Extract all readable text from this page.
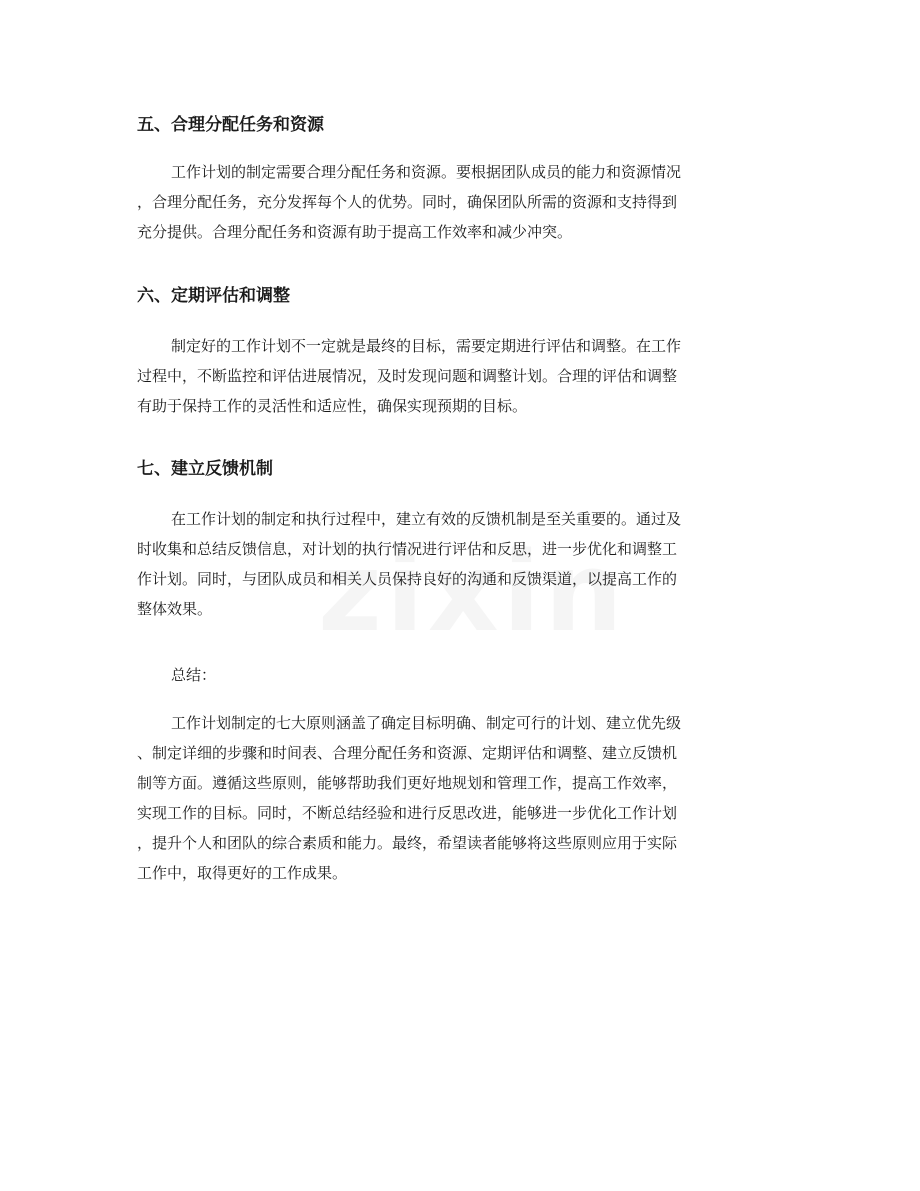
五、合理分配任务和资源

工作计划的制定需要合理分配任务和资源。要根据团队成员的能力和资源情况
，合理分配任务，充分发挥每个人的优势。同时，确保团队所需的资源和支持得到
充分提供。合理分配任务和资源有助于提高工作效率和减少冲突。

六、定期评估和调整

制定好的工作计划不一定就是最终的目标，需要定期进行评估和调整。在工作
过程中，不断监控和评估进展情况，及时发现问题和调整计划。合理的评估和调整
有助于保持工作的灵活性和适应性，确保实现预期的目标。

七、建立反馈机制

在工作计划的制定和执行过程中，建立有效的反馈机制是至关重要的。通过及
时收集和总结反馈信息，对计划的执行情况进行评估和反思，进一步优化和调整工
作计划。同时，与团队成员和相关人员保持良好的沟通和反馈渠道，以提高工作的
整体效果。

总结：

工作计划制定的七大原则涵盖了确定目标明确、制定可行的计划、建立优先级
、制定详细的步骤和时间表、合理分配任务和资源、定期评估和调整、建立反馈机
制等方面。遵循这些原则，能够帮助我们更好地规划和管理工作，提高工作效率，
实现工作的目标。同时，不断总结经验和进行反思改进，能够进一步优化工作计划
，提升个人和团队的综合素质和能力。最终，希望读者能够将这些原则应用于实际
工作中，取得更好的工作成果。
